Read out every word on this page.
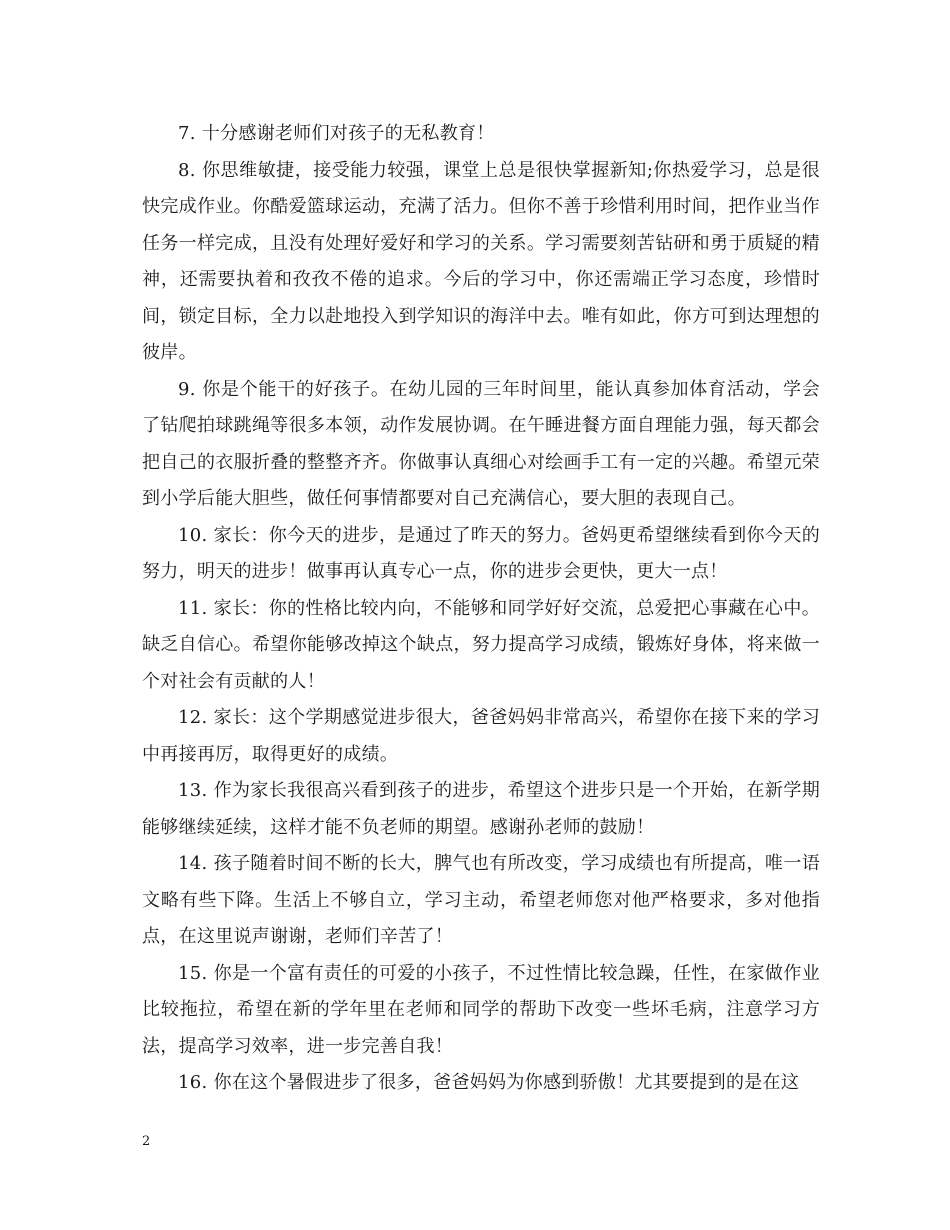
7. 十分感谢老师们对孩子的无私教育！

8. 你思维敏捷，接受能力较强，课堂上总是很快掌握新知;你热爱学习，总是很快完成作业。你酷爱篮球运动，充满了活力。但你不善于珍惜利用时间，把作业当作任务一样完成，且没有处理好爱好和学习的关系。学习需要刻苦钻研和勇于质疑的精神，还需要执着和孜孜不倦的追求。今后的学习中，你还需端正学习态度，珍惜时间，锁定目标，全力以赴地投入到学知识的海洋中去。唯有如此，你方可到达理想的彼岸。

9. 你是个能干的好孩子。在幼儿园的三年时间里，能认真参加体育活动，学会了钻爬拍球跳绳等很多本领，动作发展协调。在午睡进餐方面自理能力强，每天都会把自己的衣服折叠的整整齐齐。你做事认真细心对绘画手工有一定的兴趣。希望元荣到小学后能大胆些，做任何事情都要对自己充满信心，要大胆的表现自己。

10. 家长：你今天的进步，是通过了昨天的努力。爸妈更希望继续看到你今天的努力，明天的进步！做事再认真专心一点，你的进步会更快，更大一点！

11. 家长：你的性格比较内向，不能够和同学好好交流，总爱把心事藏在心中。缺乏自信心。希望你能够改掉这个缺点，努力提高学习成绩，锻炼好身体，将来做一个对社会有贡献的人！

12. 家长：这个学期感觉进步很大，爸爸妈妈非常高兴，希望你在接下来的学习中再接再厉，取得更好的成绩。

13. 作为家长我很高兴看到孩子的进步，希望这个进步只是一个开始，在新学期能够继续延续，这样才能不负老师的期望。感谢孙老师的鼓励！

14. 孩子随着时间不断的长大，脾气也有所改变，学习成绩也有所提高，唯一语文略有些下降。生活上不够自立，学习主动，希望老师您对他严格要求，多对他指点，在这里说声谢谢，老师们辛苦了！

15. 你是一个富有责任的可爱的小孩子，不过性情比较急躁，任性，在家做作业比较拖拉，希望在新的学年里在老师和同学的帮助下改变一些坏毛病，注意学习方法，提高学习效率，进一步完善自我！

16. 你在这个暑假进步了很多，爸爸妈妈为你感到骄傲！尤其要提到的是在这

2
